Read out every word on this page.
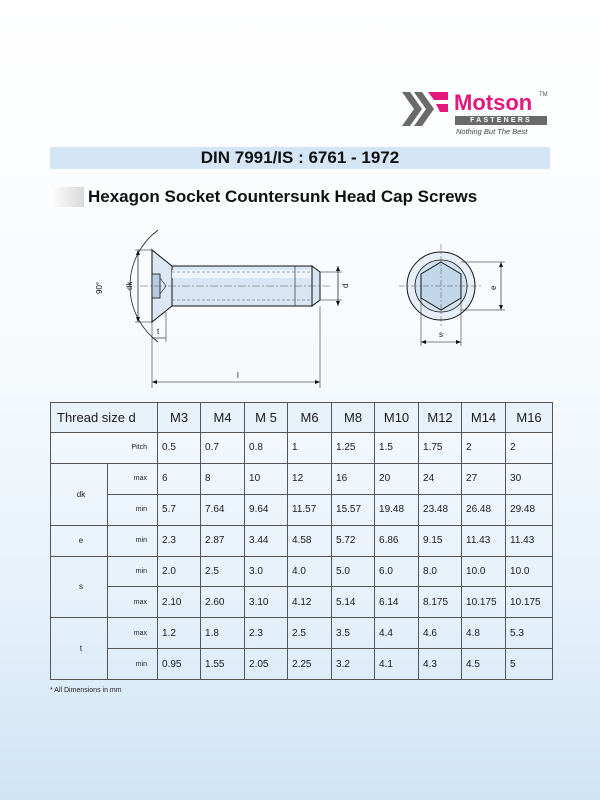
Motson TM
FASTENERS
Nothing But The Best
DIN 7991/IS : 6761 - 1972
Hexagon Socket Countersunk Head Cap Screws
90°	dk	d
t
l
e
s
Thread size d		M3	M4	M 5	M6	M8	M10	M12	M14	M16
Pitch		0.5	0.7	0.8	1	1.25	1.5	1.75	2	2
dk	max	6	8	10	12	16	20	24	27	30
	min	5.7	7.64	9.64	11.57	15.57	19.48	23.48	26.48	29.48
e	min	2.3	2.87	3.44	4.58	5.72	6.86	9.15	11.43	11.43
s	min	2.0	2.5	3.0	4.0	5.0	6.0	8.0	10.0	10.0
	max	2.10	2.60	3.10	4.12	5.14	6.14	8.175	10.175	10.175
t	max	1.2	1.8	2.3	2.5	3.5	4.4	4.6	4.8	5.3
	min	0.95	1.55	2.05	2.25	3.2	4.1	4.3	4.5	5
* All Dimensions in mm
